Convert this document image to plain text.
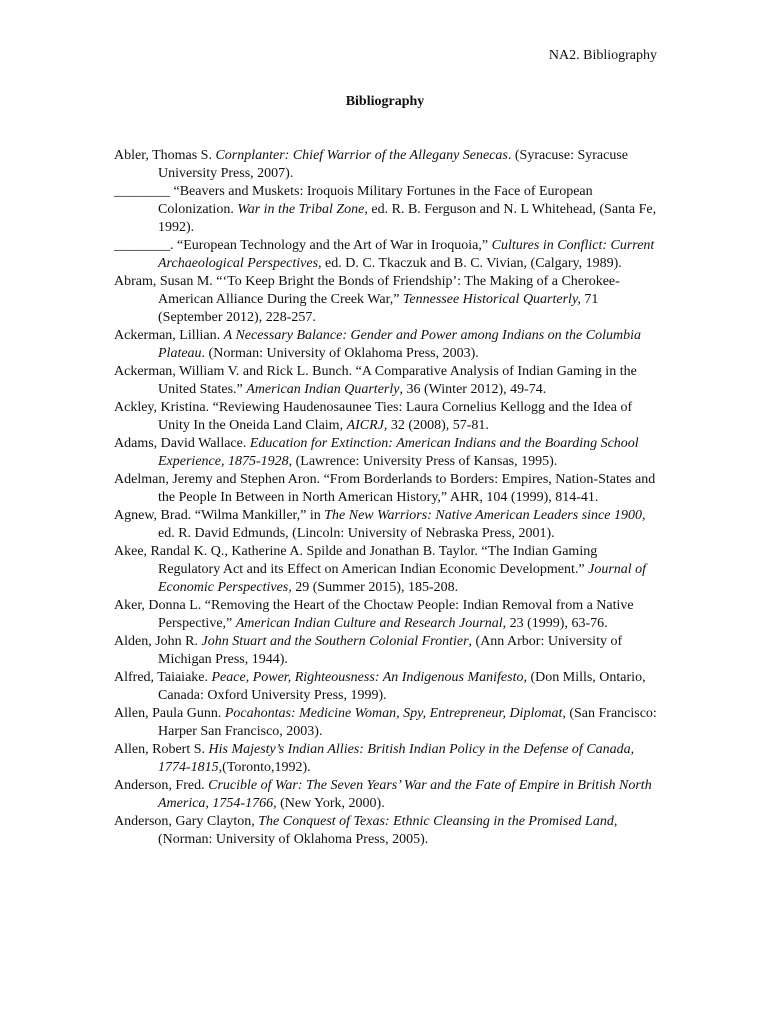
NA2. Bibliography
Bibliography
Abler, Thomas S. Cornplanter: Chief Warrior of the Allegany Senecas. (Syracuse: Syracuse University Press, 2007).
________ “Beavers and Muskets: Iroquois Military Fortunes in the Face of European Colonization. War in the Tribal Zone, ed. R. B. Ferguson and N. L Whitehead, (Santa Fe, 1992).
________. “European Technology and the Art of War in Iroquoia,” Cultures in Conflict: Current Archaeological Perspectives, ed. D. C. Tkaczuk and B. C. Vivian, (Calgary, 1989).
Abram, Susan M. “‘To Keep Bright the Bonds of Friendship’: The Making of a Cherokee-American Alliance During the Creek War,” Tennessee Historical Quarterly, 71 (September 2012), 228-257.
Ackerman, Lillian. A Necessary Balance: Gender and Power among Indians on the Columbia Plateau. (Norman: University of Oklahoma Press, 2003).
Ackerman, William V. and Rick L. Bunch. “A Comparative Analysis of Indian Gaming in the United States.” American Indian Quarterly, 36 (Winter 2012), 49-74.
Ackley, Kristina. “Reviewing Haudenosaunee Ties: Laura Cornelius Kellogg and the Idea of Unity In the Oneida Land Claim, AICRJ, 32 (2008), 57-81.
Adams, David Wallace. Education for Extinction: American Indians and the Boarding School Experience, 1875-1928, (Lawrence: University Press of Kansas, 1995).
Adelman, Jeremy and Stephen Aron. “From Borderlands to Borders: Empires, Nation-States and the People In Between in North American History,” AHR, 104 (1999), 814-41.
Agnew, Brad. “Wilma Mankiller,” in The New Warriors: Native American Leaders since 1900, ed. R. David Edmunds, (Lincoln: University of Nebraska Press, 2001).
Akee, Randal K. Q., Katherine A. Spilde and Jonathan B. Taylor. “The Indian Gaming Regulatory Act and its Effect on American Indian Economic Development.” Journal of Economic Perspectives, 29 (Summer 2015), 185-208.
Aker, Donna L. “Removing the Heart of the Choctaw People: Indian Removal from a Native Perspective,” American Indian Culture and Research Journal, 23 (1999), 63-76.
Alden, John R. John Stuart and the Southern Colonial Frontier, (Ann Arbor: University of Michigan Press, 1944).
Alfred, Taiaiake. Peace, Power, Righteousness: An Indigenous Manifesto, (Don Mills, Ontario, Canada: Oxford University Press, 1999).
Allen, Paula Gunn. Pocahontas: Medicine Woman, Spy, Entrepreneur, Diplomat, (San Francisco: Harper San Francisco, 2003).
Allen, Robert S. His Majesty’s Indian Allies: British Indian Policy in the Defense of Canada, 1774-1815,(Toronto,1992).
Anderson, Fred. Crucible of War: The Seven Years’ War and the Fate of Empire in British North America, 1754-1766, (New York, 2000).
Anderson, Gary Clayton, The Conquest of Texas: Ethnic Cleansing in the Promised Land, (Norman: University of Oklahoma Press, 2005).
